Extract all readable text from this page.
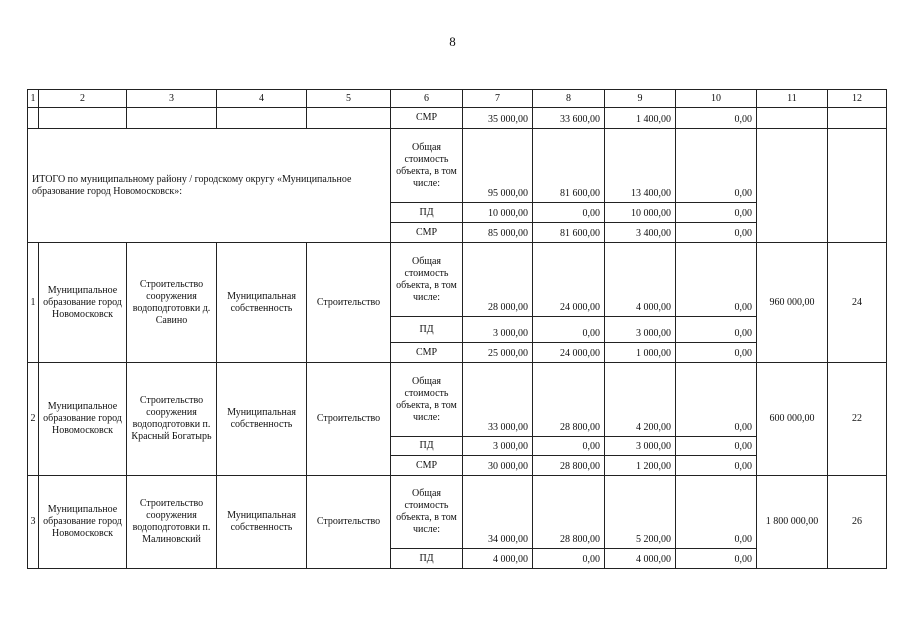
8
1	2	3	4	5	6	7	8	9	10	11	12
					СМР	35 000,00	33 600,00	1 400,00	0,00		
ИТОГО по муниципальному району / городскому округу «Муниципальное образование город Новомосковск»:					Общая стоимость объекта, в том числе:	95 000,00	81 600,00	13 400,00	0,00		
					ПД	10 000,00	0,00	10 000,00	0,00		
					СМР	85 000,00	81 600,00	3 400,00	0,00		
1	Муниципальное образование город Новомосковск	Строительство сооружения водоподготовки д. Савино	Муниципальная собственность	Строительство	Общая стоимость объекта, в том числе:	28 000,00	24 000,00	4 000,00	0,00	960 000,00	24
					ПД	3 000,00	0,00	3 000,00	0,00		
					СМР	25 000,00	24 000,00	1 000,00	0,00		
2	Муниципальное образование город Новомосковск	Строительство сооружения водоподготовки п. Красный Богатырь	Муниципальная собственность	Строительство	Общая стоимость объекта, в том числе:	33 000,00	28 800,00	4 200,00	0,00	600 000,00	22
					ПД	3 000,00	0,00	3 000,00	0,00		
					СМР	30 000,00	28 800,00	1 200,00	0,00		
3	Муниципальное образование город Новомосковск	Строительство сооружения водоподготовки п. Малиновский	Муниципальная собственность	Строительство	Общая стоимость объекта, в том числе:	34 000,00	28 800,00	5 200,00	0,00	1 800 000,00	26
					ПД	4 000,00	0,00	4 000,00	0,00		
